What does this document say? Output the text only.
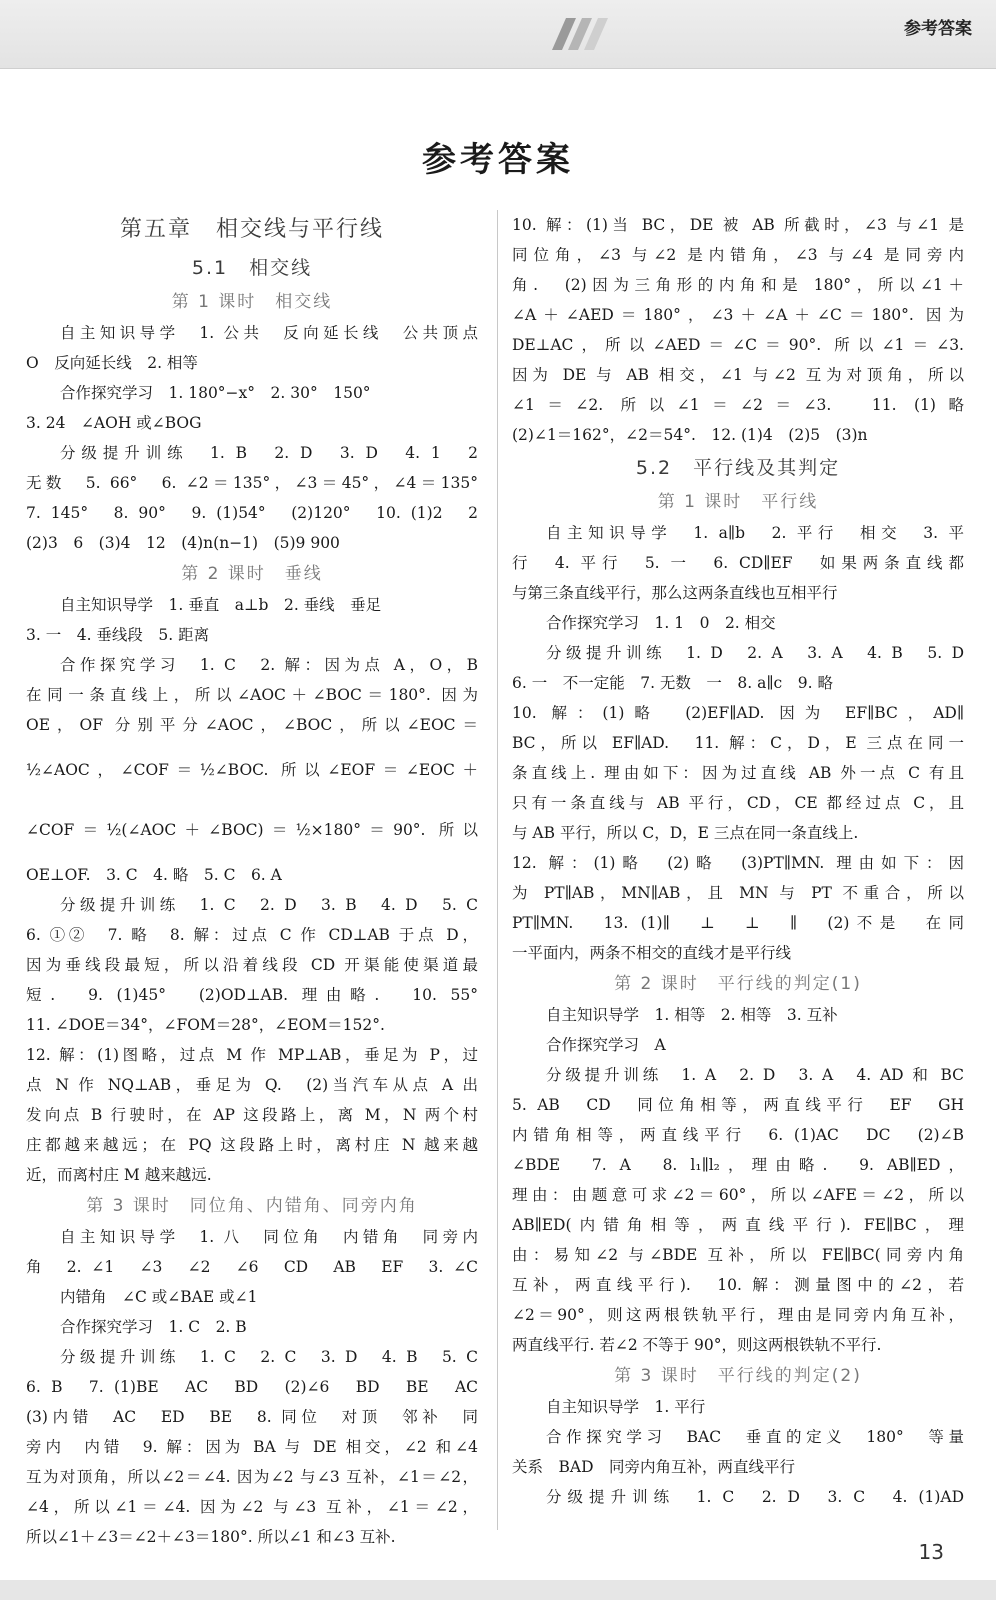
参考答案
参考答案
第五章　相交线与平行线
5.1　相交线
第 1 课时　相交线
自主知识导学　1. 公共　反向延长线　公共顶点
O　反向延长线　2. 相等
合作探究学习　1. 180°−x°　2. 30°　150°
3. 24　∠AOH 或∠BOG
分级提升训练　1. B　2. D　3. D　4. 1　2
无数　5. 66°　6. ∠2＝135°，∠3＝45°，∠4＝135°
7. 145°　8. 90°　9. (1)54°　(2)120°　10. (1)2　2
(2)3　6　(3)4　12　(4)n(n−1)　(5)9 900
第 2 课时　垂线
自主知识导学　1. 垂直　a⊥b　2. 垂线　垂足
3. 一　4. 垂线段　5. 距离
合作探究学习　1. C　2. 解：因为点 A，O，B
在同一条直线上，所以∠AOC＋∠BOC＝180°. 因为
OE，OF 分别平分∠AOC，∠BOC，所以∠EOC＝
½∠AOC，∠COF＝½∠BOC. 所以∠EOF＝∠EOC＋
∠COF＝½(∠AOC＋∠BOC)＝½×180°＝90°. 所以
OE⊥OF.　3. C　4. 略　5. C　6. A
分级提升训练　1. C　2. D　3. B　4. D　5. C
6. ①②　7. 略　8. 解：过点 C 作 CD⊥AB 于点 D，
因为垂线段最短，所以沿着线段 CD 开渠能使渠道最
短.　9. (1)45°　(2)OD⊥AB. 理由略.　10. 55°
11. ∠DOE＝34°，∠FOM＝28°，∠EOM＝152°.
12. 解：(1)图略，过点 M 作 MP⊥AB，垂足为 P，过
点 N 作 NQ⊥AB，垂足为 Q.　(2)当汽车从点 A 出
发向点 B 行驶时，在 AP 这段路上，离 M，N 两个村
庄都越来越远；在 PQ 这段路上时，离村庄 N 越来越
近，而离村庄 M 越来越远.
第 3 课时　同位角、内错角、同旁内角
自主知识导学　1. 八　同位角　内错角　同旁内
角　2. ∠1　∠3　∠2　∠6　CD　AB　EF　3. ∠C
内错角　∠C 或∠BAE 或∠1
合作探究学习　1. C　2. B
分级提升训练　1. C　2. C　3. D　4. B　5. C
6. B　7. (1)BE　AC　BD　(2)∠6　BD　BE　AC
(3)内错　AC　ED　BE　8. 同位　对顶　邻补　同
旁内　内错　9. 解：因为 BA 与 DE 相交，∠2 和∠4
互为对顶角，所以∠2＝∠4. 因为∠2 与∠3 互补，∠1＝∠2，
∠4，所以∠1＝∠4. 因为∠2 与∠3 互补，∠1＝∠2，
所以∠1＋∠3＝∠2＋∠3＝180°. 所以∠1 和∠3 互补.
10. 解：(1)当 BC，DE 被 AB 所截时，∠3 与∠1 是
同位角，∠3 与∠2 是内错角，∠3 与∠4 是同旁内
角.　(2)因为三角形的内角和是 180°，所以∠1＋
∠A＋∠AED＝180°，∠3＋∠A＋∠C＝180°. 因为
DE⊥AC，所以∠AED＝∠C＝90°. 所以∠1＝∠3.
因为 DE 与 AB 相交，∠1 与∠2 互为对顶角，所以
∠1＝∠2. 所以∠1＝∠2＝∠3.　11. (1)略
(2)∠1＝162°，∠2＝54°.　12. (1)4　(2)5　(3)n
5.2　平行线及其判定
第 1 课时　平行线
自主知识导学　1. a∥b　2. 平行　相交　3. 平
行　4. 平行　5. 一　6. CD∥EF　如果两条直线都
与第三条直线平行，那么这两条直线也互相平行
合作探究学习　1. 1　0　2. 相交
分级提升训练　1. D　2. A　3. A　4. B　5. D
6. 一　不一定能　7. 无数　一　8. a∥c　9. 略
10. 解：(1)略　(2)EF∥AD. 因为 EF∥BC，AD∥
BC，所以 EF∥AD.　11. 解：C，D，E 三点在同一
条直线上. 理由如下：因为过直线 AB 外一点 C 有且
只有一条直线与 AB 平行，CD，CE 都经过点 C，且
与 AB 平行，所以 C，D，E 三点在同一条直线上.
12. 解：(1)略　(2)略　(3)PT∥MN. 理由如下：因
为 PT∥AB，MN∥AB，且 MN 与 PT 不重合，所以
PT∥MN.　13. (1)∥　⊥　⊥　∥　(2)不是　在同
一平面内，两条不相交的直线才是平行线
第 2 课时　平行线的判定(1)
自主知识导学　1. 相等　2. 相等　3. 互补
合作探究学习　A
分级提升训练　1. A　2. D　3. A　4. AD 和 BC
5. AB　CD　同位角相等，两直线平行　EF　GH
内错角相等，两直线平行　6. (1)AC　DC　(2)∠B
∠BDE　7. A　8. l₁∥l₂，理由略.　9. AB∥ED，
理由：由题意可求∠2＝60°，所以∠AFE＝∠2，所以
AB∥ED(内错角相等，两直线平行). FE∥BC，理
由：易知∠2 与∠BDE 互补，所以 FE∥BC(同旁内角
互补，两直线平行).　10. 解：测量图中的∠2，若
∠2＝90°，则这两根铁轨平行，理由是同旁内角互补，
两直线平行. 若∠2 不等于 90°，则这两根铁轨不平行.
第 3 课时　平行线的判定(2)
自主知识导学　1. 平行
合作探究学习　BAC　垂直的定义　180°　等量
关系　BAD　同旁内角互补，两直线平行
分级提升训练　1. C　2. D　3. C　4. (1)AD
13
